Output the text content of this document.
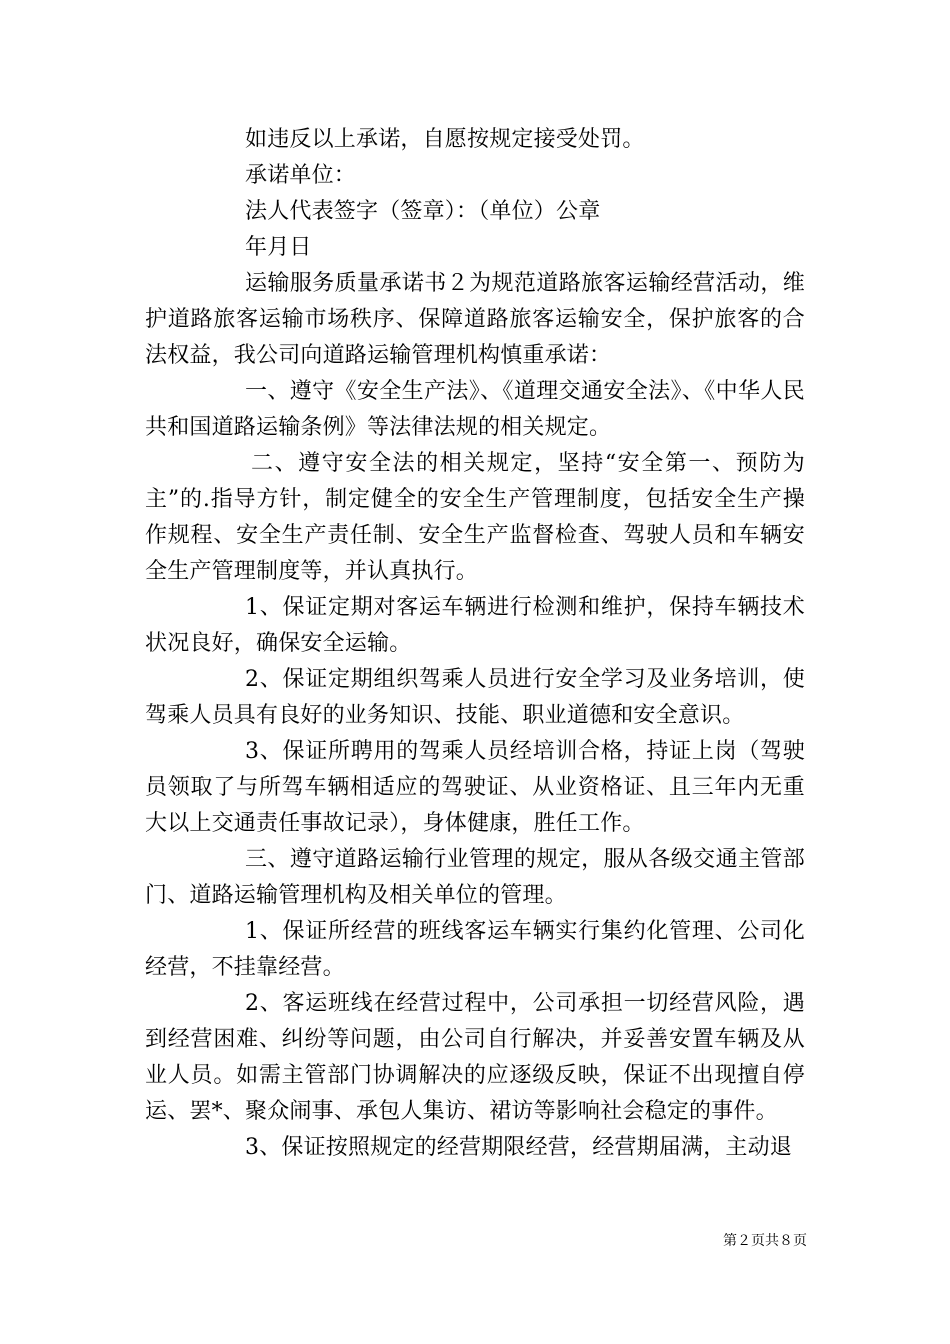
如违反以上承诺，自愿按规定接受处罚。

承诺单位：

法人代表签字（签章）：（单位）公章

年月日

运输服务质量承诺书２为规范道路旅客运输经营活动，维护道路旅客运输市场秩序、保障道路旅客运输安全，保护旅客的合法权益，我公司向道路运输管理机构慎重承诺：

一、遵守《安全生产法》、《道理交通安全法》、《中华人民共和国道路运输条例》等法律法规的相关规定。

二、遵守安全法的相关规定，坚持“安全第一、预防为主”的.指导方针，制定健全的安全生产管理制度，包括安全生产操作规程、安全生产责任制、安全生产监督检查、驾驶人员和车辆安全生产管理制度等，并认真执行。

1、保证定期对客运车辆进行检测和维护，保持车辆技术状况良好，确保安全运输。

2、保证定期组织驾乘人员进行安全学习及业务培训，使驾乘人员具有良好的业务知识、技能、职业道德和安全意识。

3、保证所聘用的驾乘人员经培训合格，持证上岗（驾驶员领取了与所驾车辆相适应的驾驶证、从业资格证、且三年内无重大以上交通责任事故记录），身体健康，胜任工作。

三、遵守道路运输行业管理的规定，服从各级交通主管部门、道路运输管理机构及相关单位的管理。

1、保证所经营的班线客运车辆实行集约化管理、公司化经营，不挂靠经营。

2、客运班线在经营过程中，公司承担一切经营风险，遇到经营困难、纠纷等问题，由公司自行解决，并妥善安置车辆及从业人员。如需主管部门协调解决的应逐级反映，保证不出现擅自停运、罢*、聚众闹事、承包人集访、裙访等影响社会稳定的事件。

3、保证按照规定的经营期限经营，经营期届满，主动退

第２页共８页
